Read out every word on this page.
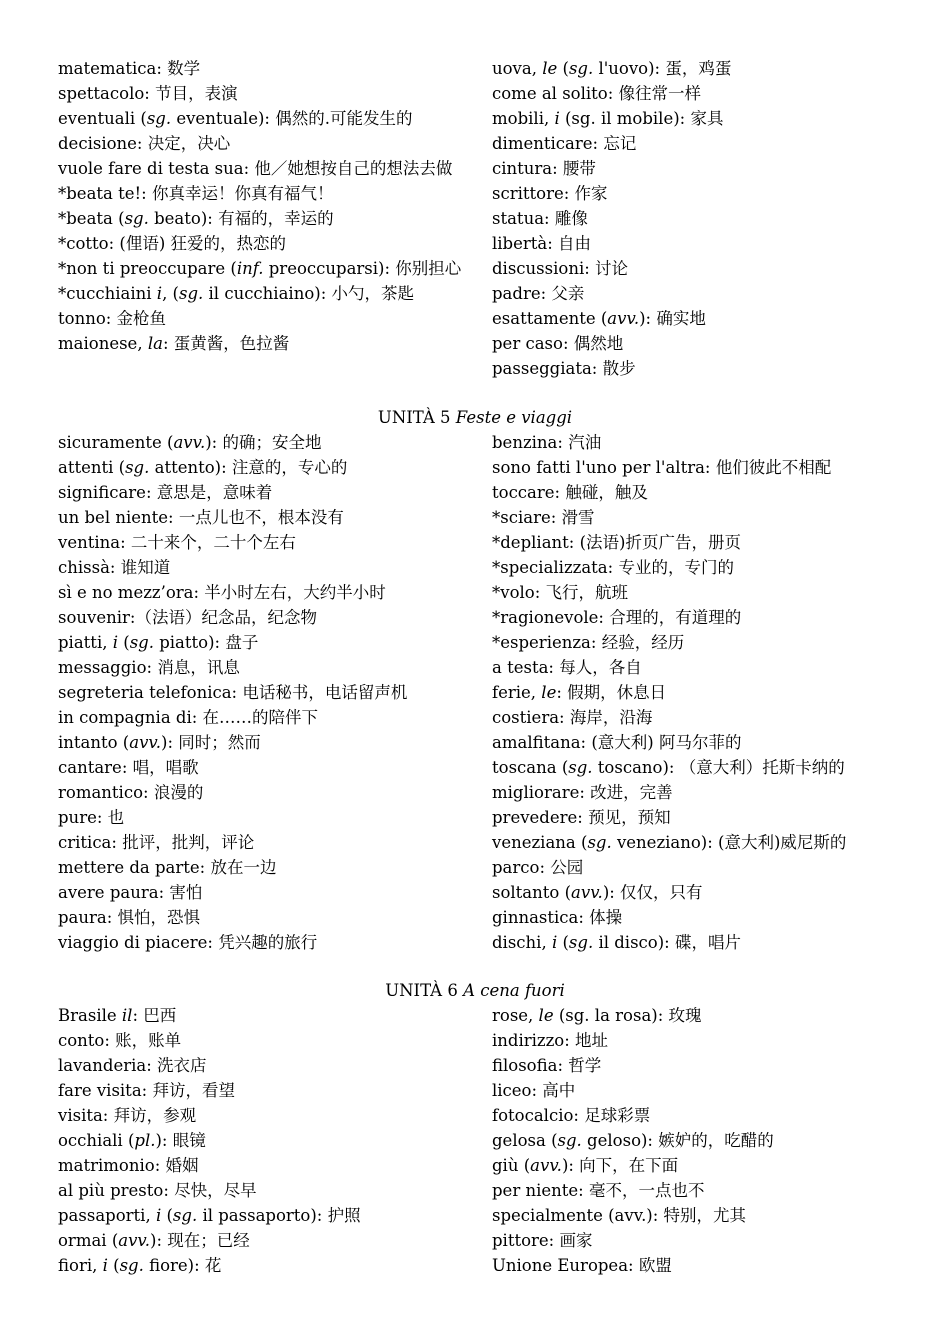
matematica: 数学
spettacolo: 节目，表演
eventuali (sg. eventuale): 偶然的.可能发生的
decisione: 决定，决心
vuole fare di testa sua: 他／她想按自己的想法去做
*beata te!: 你真幸运！你真有福气！
*beata (sg. beato): 有福的，幸运的
*cotto: (俚语) 狂爱的，热恋的
*non ti preoccupare (inf. preoccuparsi): 你别担心
*cucchiaini i, (sg. il cucchiaino): 小勺，茶匙
tonno: 金枪鱼
maionese, la: 蛋黄酱，色拉酱
uova, le (sg. l'uovo): 蛋，鸡蛋
come al solito: 像往常一样
mobili, i (sg. il mobile): 家具
dimenticare: 忘记
cintura: 腰带
scrittore: 作家
statua: 雕像
libertà: 自由
discussioni: 讨论
padre: 父亲
esattamente (avv.): 确实地
per caso: 偶然地
passeggiata: 散步
UNITÀ 5 Feste e viaggi
sicuramente (avv.): 的确；安全地
attenti (sg. attento): 注意的，专心的
significare: 意思是，意味着
un bel niente: 一点儿也不，根本没有
ventina: 二十来个，二十个左右
chissà: 谁知道
sì e no mezz’ora: 半小时左右，大约半小时
souvenir:（法语）纪念品，纪念物
piatti, i (sg. piatto): 盘子
messaggio: 消息，讯息
segreteria telefonica: 电话秘书，电话留声机
in compagnia di: 在……的陪伴下
intanto (avv.): 同时；然而
cantare: 唱，唱歌
romantico: 浪漫的
pure: 也
critica: 批评，批判，评论
mettere da parte: 放在一边
avere paura: 害怕
paura: 惧怕，恐惧
viaggio di piacere: 凭兴趣的旅行
benzina: 汽油
sono fatti l'uno per l'altra: 他们彼此不相配
toccare: 触碰，触及
*sciare: 滑雪
*depliant: (法语)折页广告，册页
*specializzata: 专业的，专门的
*volo: 飞行，航班
*ragionevole: 合理的，有道理的
*esperienza: 经验，经历
a testa: 每人，各自
ferie, le: 假期，休息日
costiera: 海岸，沿海
amalfitana: (意大利) 阿马尔菲的
toscana (sg. toscano): （意大利）托斯卡纳的
migliorare: 改进，完善
prevedere: 预见，预知
veneziana (sg. veneziano): (意大利)威尼斯的
parco: 公园
soltanto (avv.): 仅仅，只有
ginnastica: 体操
dischi, i (sg. il disco): 碟，唱片
UNITÀ 6 A cena fuori
Brasile il: 巴西
conto: 账，账单
lavanderia: 洗衣店
fare visita: 拜访，看望
visita: 拜访，参观
occhiali (pl.): 眼镜
matrimonio: 婚姻
al più presto: 尽快，尽早
passaporti, i (sg. il passaporto): 护照
ormai (avv.): 现在；已经
fiori, i (sg. fiore): 花
rose, le (sg. la rosa): 玫瑰
indirizzo: 地址
filosofia: 哲学
liceo: 高中
fotocalcio: 足球彩票
gelosa (sg. geloso): 嫉妒的，吃醋的
giù (avv.): 向下，在下面
per niente: 毫不，一点也不
specialmente (avv.): 特别，尤其
pittore: 画家
Unione Europea: 欧盟
